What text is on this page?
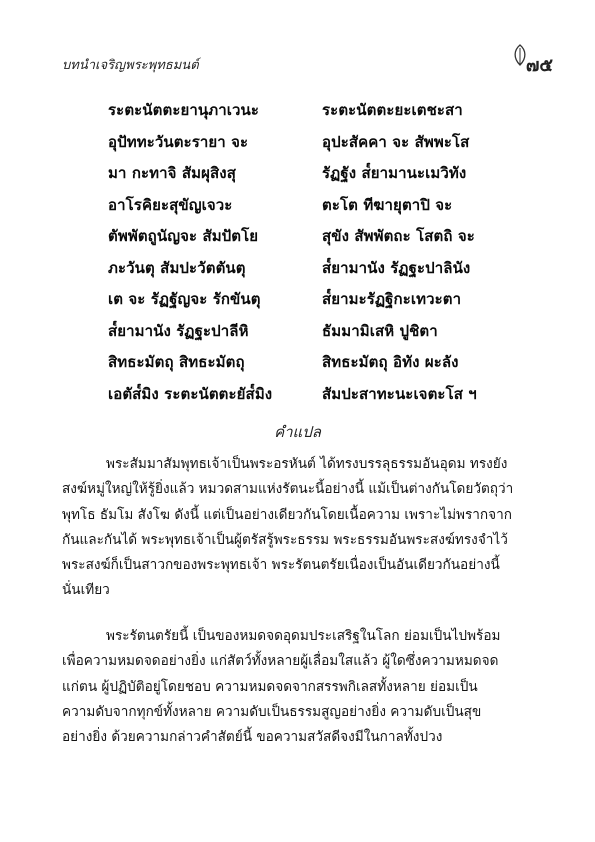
บทนำเจริญพระพุทธมนต์	๗๕
ระตะนัตตะยานุภาเวนะ	ระตะนัตตะยะเตชะสา
อุปัททะวันตะรายา จะ	อุปะสัคคา จะ สัพพะโส
มา กะทาจิ สัมผุสิงสุ	รัฏฐัง ส๎ยามานะเมวิทัง
อาโรคิยะสุขัญเจวะ	ตะโต ทีฆายุตาปิ จะ
ตัพพัตถูนัญจะ สัมปัตโย	สุขัง สัพพัตถะ โสตถิ จะ
ภะวันตุ สัมปะวัตตันตุ	ส๎ยามานัง รัฏฐะปาลินัง
เต จะ รัฏฐัญจะ รักขันตุ	ส๎ยามะรัฏฐิกะเทวะตา
ส๎ยามานัง รัฏฐะปาลีหิ	ธัมมามิเสหิ ปูชิตา
สิทธะมัตถุ สิทธะมัตถุ	สิทธะมัตถุ อิทัง ผะลัง
เอตัส๎มิง ระตะนัตตะยัส๎มิง	สัมปะสาทะนะเจตะโส ฯ
คำแปล
พระสัมมาสัมพุทธเจ้าเป็นพระอรหันต์ ได้ทรงบรรลุธรรมอันอุดม ทรงยัง
สงฆ์หมู่ใหญ่ให้รู้ยิ่งแล้ว หมวดสามแห่งรัตนะนี้อย่างนี้ แม้เป็นต่างกันโดยวัตถุว่า
พุทโธ ธัมโม สังโฆ ดังนี้ แต่เป็นอย่างเดียวกันโดยเนื้อความ เพราะไม่พรากจาก
กันและกันได้ พระพุทธเจ้าเป็นผู้ตรัสรู้พระธรรม พระธรรมอันพระสงฆ์ทรงจำไว้
พระสงฆ์ก็เป็นสาวกของพระพุทธเจ้า พระรัตนตรัยเนื่องเป็นอันเดียวกันอย่างนี้
นั่นเทียว
พระรัตนตรัยนี้ เป็นของหมดจดอุดมประเสริฐในโลก ย่อมเป็นไปพร้อม
เพื่อความหมดจดอย่างยิ่ง แก่สัตว์ทั้งหลายผู้เลื่อมใสแล้ว ผู้ใดซึ่งความหมดจด
แก่ตน ผู้ปฏิบัติอยู่โดยชอบ ความหมดจดจากสรรพกิเลสทั้งหลาย ย่อมเป็น
ความดับจากทุกข์ทั้งหลาย ความดับเป็นธรรมสูญอย่างยิ่ง ความดับเป็นสุข
อย่างยิ่ง ด้วยความกล่าวคำสัตย์นี้ ขอความสวัสดีจงมีในกาลทั้งปวง
